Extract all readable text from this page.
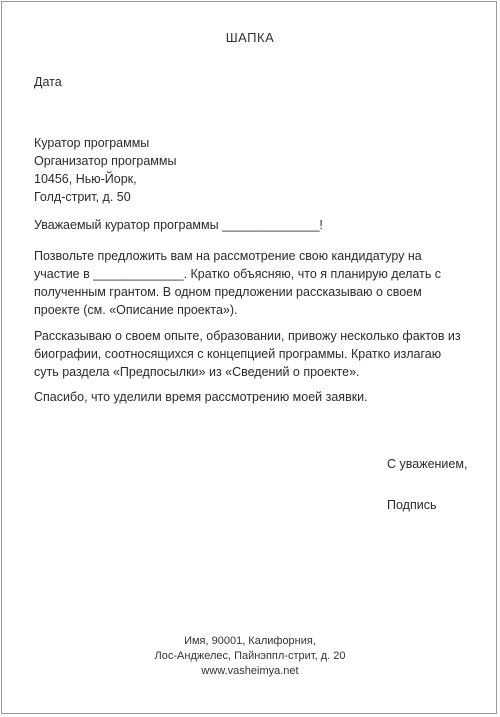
ШАПКА
Дата
Куратор программы
Организатор программы
10456, Нью-Йорк,
Голд-стрит, д. 50
Уважаемый куратор программы ______________!

Позвольте предложить вам на рассмотрение свою кандидатуру на участие в _____________. Кратко объясняю, что я планирую делать с полученным грантом. В одном предложении рассказываю о своем проекте (см. «Описание проекта»).

Рассказываю о своем опыте, образовании, привожу несколько фактов из биографии, соотносящихся с концепцией программы. Кратко излагаю суть раздела «Предпосылки» из «Сведений о проекте».

Спасибо, что уделили время рассмотрению моей заявки.

С уважением,
Подпись
Имя, 90001, Калифорния,
Лос-Анджелес, Пайнэппл-стрит, д. 20
www.vasheimya.net
